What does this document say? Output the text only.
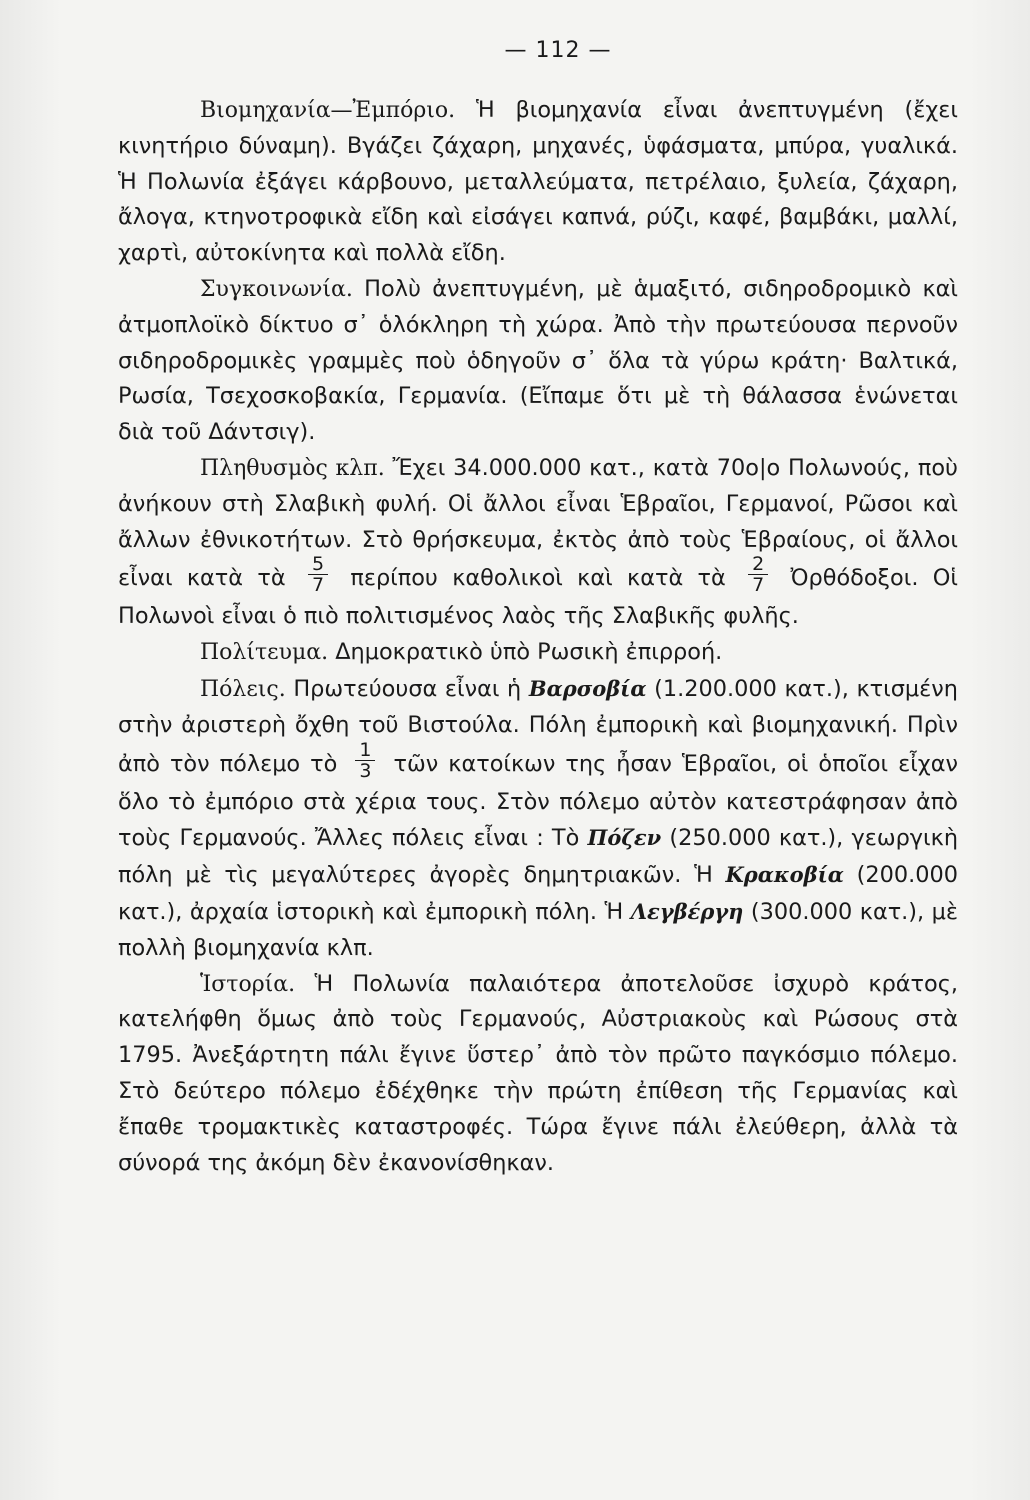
— 112 —

Βιομηχανία—Ἐμπόριο. Ἡ βιομηχανία εἶναι ἀνεπτυγμένη (ἔχει κινητήριο δύναμη). Βγάζει ζάχαρη, μηχανές, ὑφάσματα, μπύρα, γυαλικά. Ἡ Πολωνία ἐξάγει κάρβουνο, μεταλλεύματα, πετρέλαιο, ξυλεία, ζάχαρη, ἄλογα, κτηνοτροφικὰ εἴδη καὶ εἰσάγει καπνά, ρύζι, καφέ, βαμβάκι, μαλλί, χαρτὶ, αὐτοκίνητα καὶ πολλὰ εἴδη.

Συγκοινωνία. Πολὺ ἀνεπτυγμένη, μὲ ἁμαξιτό, σιδηροδρομικὸ καὶ ἀτμοπλοϊκὸ δίκτυο σ᾿ ὁλόκληρη τὴ χώρα. Ἀπὸ τὴν πρωτεύουσα περνοῦν σιδηροδρομικὲς γραμμὲς ποὺ ὁδηγοῦν σ᾿ ὅλα τὰ γύρω κράτη· Βαλτικά, Ρωσία, Τσεχοσκοβακία, Γερμανία. (Εἴπαμε ὅτι μὲ τὴ θάλασσα ἑνώνεται διὰ τοῦ Δάντσιγ).

Πληθυσμὸς κλπ. Ἔχει 34.000.000 κατ., κατὰ 70ο|ο Πολωνούς, ποὺ ἀνήκουν στὴ Σλαβικὴ φυλή. Οἱ ἄλλοι εἶναι Ἑβραῖοι, Γερμανοί, Ρῶσοι καὶ ἄλλων ἐθνικοτήτων. Στὸ θρήσκευμα, ἐκτὸς ἀπὸ τοὺς Ἑβραίους, οἱ ἄλλοι εἶναι κατὰ τὰ $\frac{5}{7}$ περίπου καθολικοὶ καὶ κατὰ τὰ $\frac{2}{7}$ Ὀρθόδοξοι. Οἱ Πολωνοὶ εἶναι ὁ πιὸ πολιτισμένος λαὸς τῆς Σλαβικῆς φυλῆς.

Πολίτευμα. Δημοκρατικὸ ὑπὸ Ρωσικὴ ἐπιρροή.

Πόλεις. Πρωτεύουσα εἶναι ἡ Βαρσοβία (1.200.000 κατ.), κτισμένη στὴν ἀριστερὴ ὄχθη τοῦ Βιστούλα. Πόλη ἐμπορικὴ καὶ βιομηχανική. Πρὶν ἀπὸ τὸν πόλεμο τὸ $\frac{1}{3}$ τῶν κατοίκων της ἦσαν Ἑβραῖοι, οἱ ὁποῖοι εἶχαν ὅλο τὸ ἐμπόριο στὰ χέρια τους. Στὸν πόλεμο αὐτὸν κατεστράφησαν ἀπὸ τοὺς Γερμανούς. Ἄλλες πόλεις εἶναι : Τὸ Πόζεν (250.000 κατ.), γεωργικὴ πόλη μὲ τὶς μεγαλύτερες ἀγορὲς δημητριακῶν. Ἡ Κρακοβία (200.000 κατ.), ἀρχαία ἱστορικὴ καὶ ἐμπορικὴ πόλη. Ἡ Λεγβέργη (300.000 κατ.), μὲ πολλὴ βιομηχανία κλπ.

Ἱστορία. Ἡ Πολωνία παλαιότερα ἀποτελοῦσε ἰσχυρὸ κράτος, κατελήφθη ὅμως ἀπὸ τοὺς Γερμανούς, Αὐστριακοὺς καὶ Ρώσους στὰ 1795. Ἀνεξάρτητη πάλι ἔγινε ὕστερ᾿ ἀπὸ τὸν πρῶτο παγκόσμιο πόλεμο. Στὸ δεύτερο πόλεμο ἐδέχθηκε τὴν πρώτη ἐπίθεση τῆς Γερμανίας καὶ ἔπαθε τρομακτικὲς καταστροφές. Τώρα ἔγινε πάλι ἐλεύθερη, ἀλλὰ τὰ σύνορά της ἀκόμη δὲν ἐκανονίσθηκαν.
